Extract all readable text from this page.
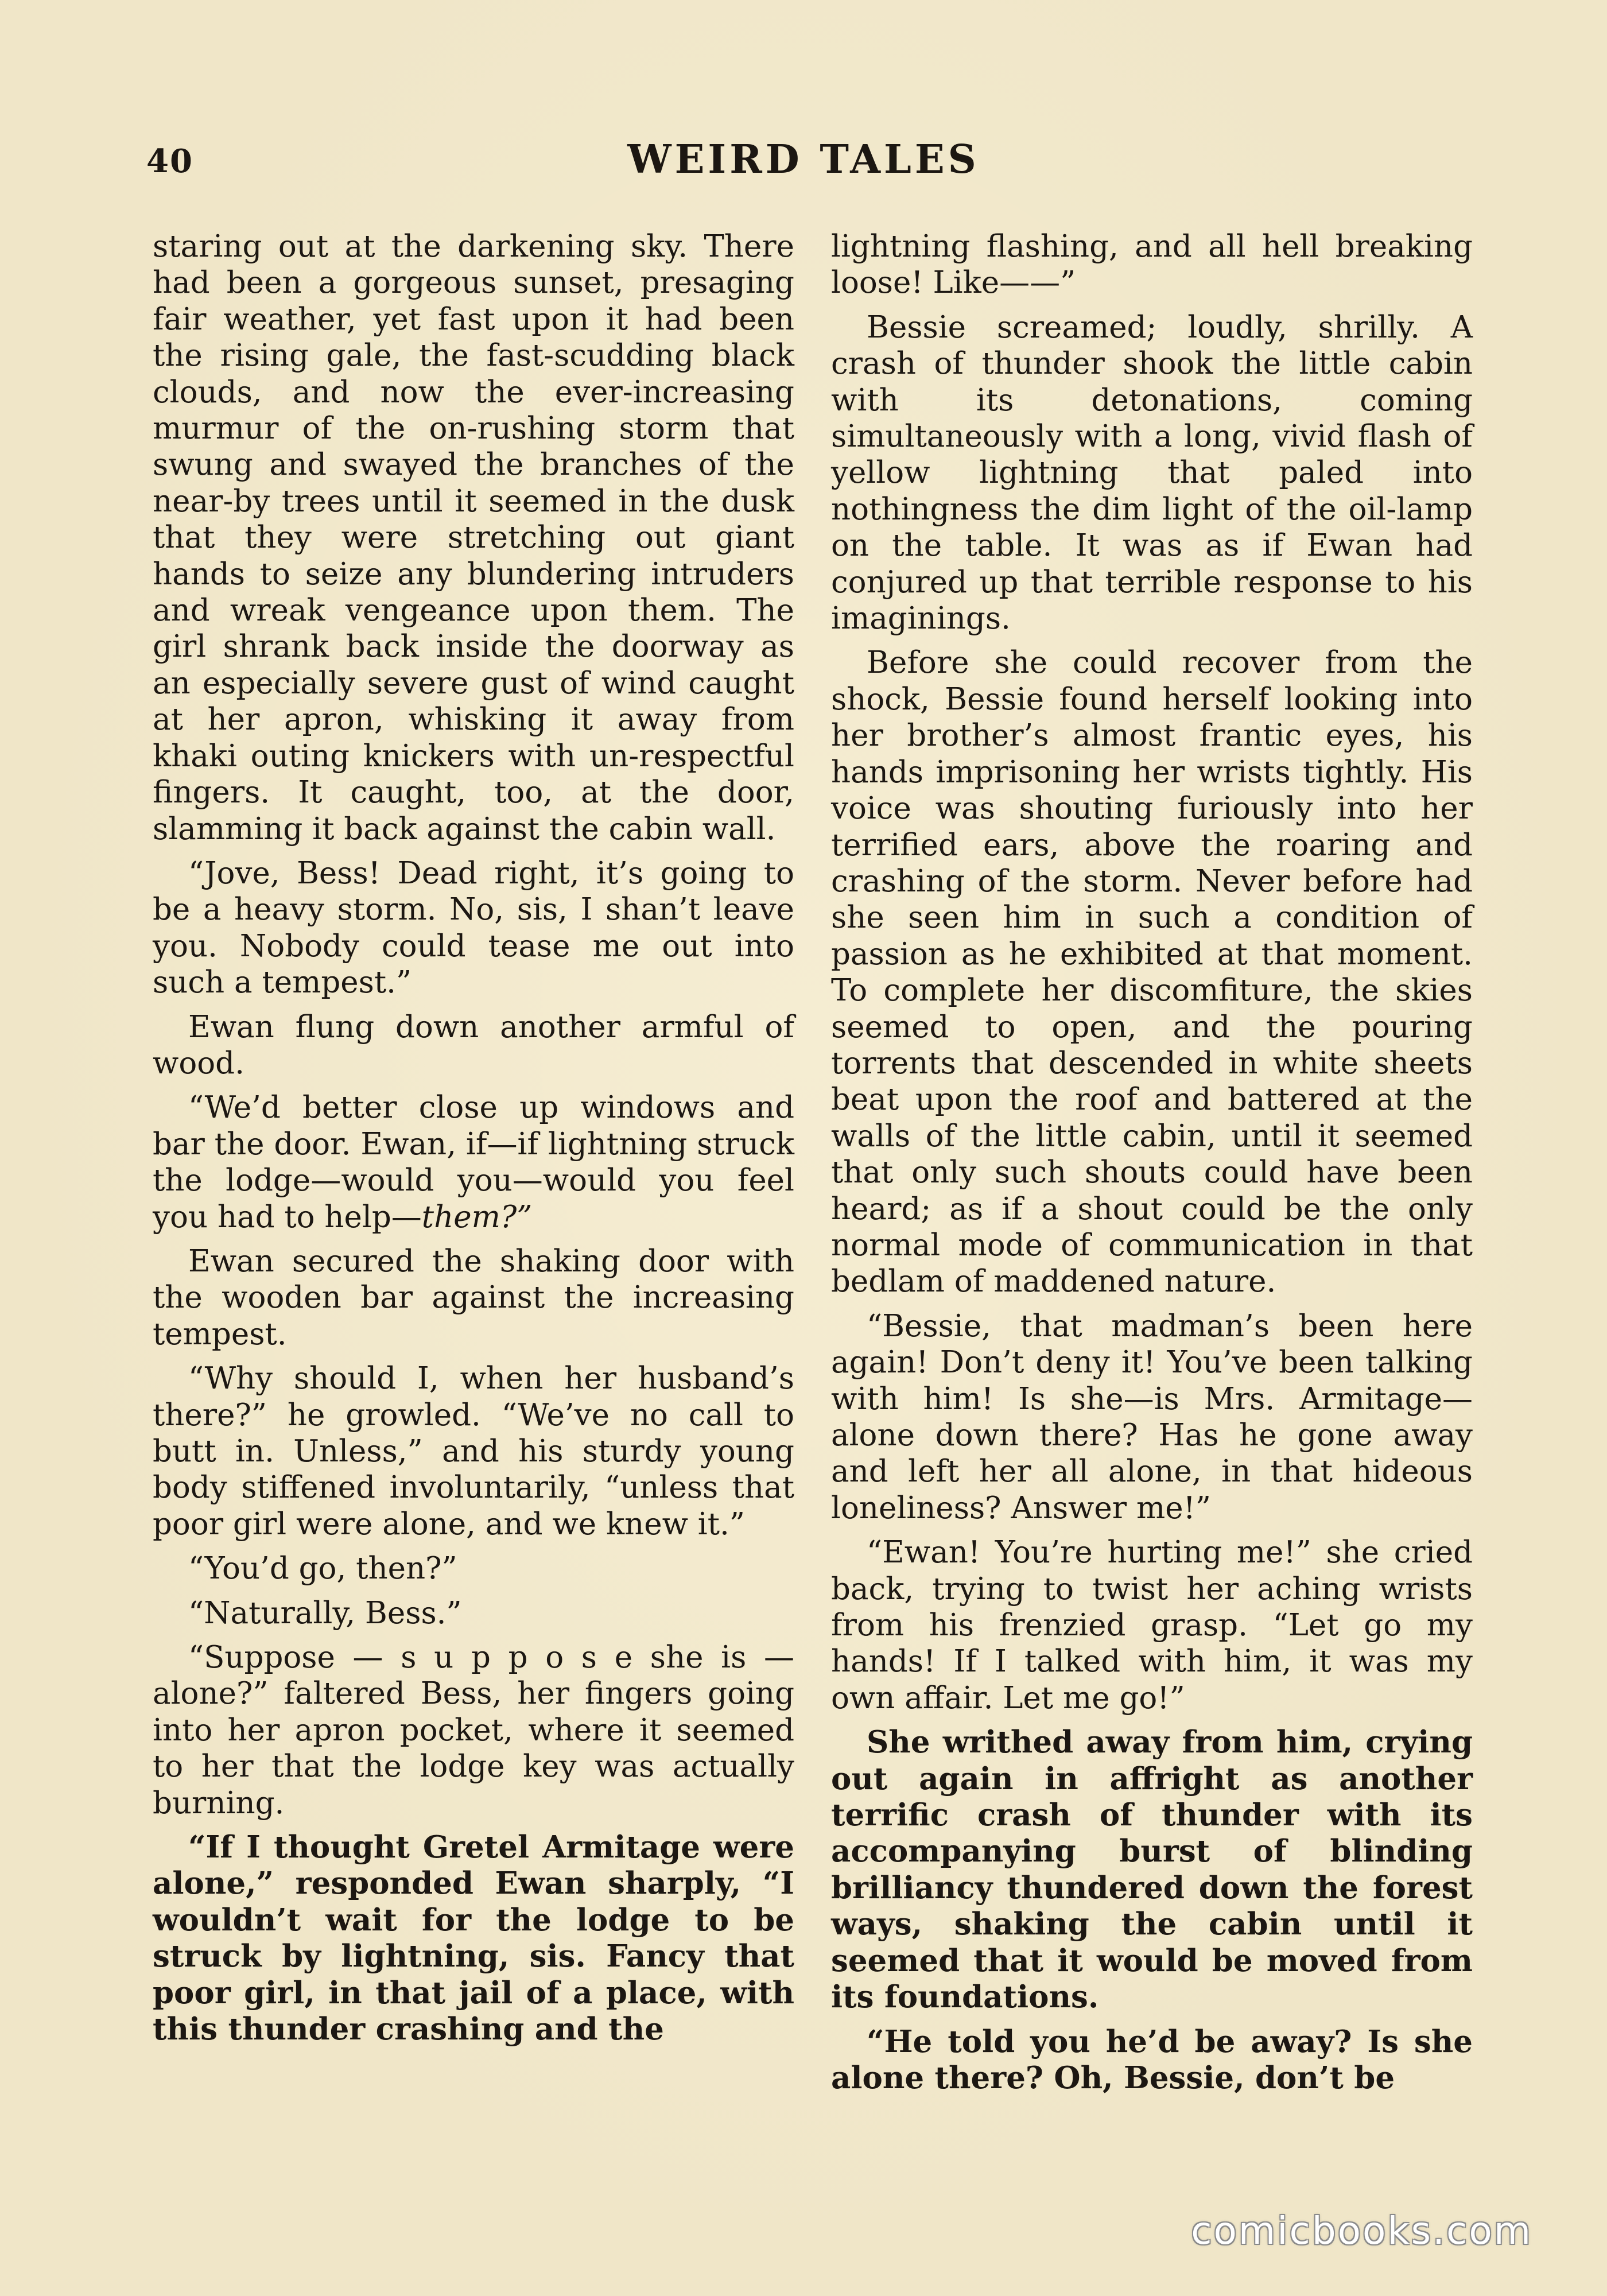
40	WEIRD TALES

staring out at the darkening sky. There had been a gorgeous sunset, presaging fair weather, yet fast upon it had been the rising gale, the fast-scudding black clouds, and now the ever-increasing murmur of the on-rushing storm that swung and swayed the branches of the near-by trees until it seemed in the dusk that they were stretching out giant hands to seize any blundering intruders and wreak vengeance upon them. The girl shrank back inside the doorway as an especially severe gust of wind caught at her apron, whisking it away from khaki outing knickers with un-respectful fingers. It caught, too, at the door, slamming it back against the cabin wall.

“Jove, Bess! Dead right, it’s going to be a heavy storm. No, sis, I shan’t leave you. Nobody could tease me out into such a tempest.”

Ewan flung down another armful of wood.

“We’d better close up windows and bar the door. Ewan, if—if lightning struck the lodge—would you—would you feel you had to help—them?”

Ewan secured the shaking door with the wooden bar against the increasing tempest.

“Why should I, when her husband’s there?” he growled. “We’ve no call to butt in. Unless,” and his sturdy young body stiffened involuntarily, “unless that poor girl were alone, and we knew it.”

“You’d go, then?”

“Naturally, Bess.”

“Suppose — s u p p o s e she is — alone?” faltered Bess, her fingers going into her apron pocket, where it seemed to her that the lodge key was actually burning.

“If I thought Gretel Armitage were alone,” responded Ewan sharply, “I wouldn’t wait for the lodge to be struck by lightning, sis. Fancy that poor girl, in that jail of a place, with this thunder crashing and the

lightning flashing, and all hell breaking loose! Like——”

Bessie screamed; loudly, shrilly. A crash of thunder shook the little cabin with its detonations, coming simultaneously with a long, vivid flash of yellow lightning that paled into nothingness the dim light of the oil-lamp on the table. It was as if Ewan had conjured up that terrible response to his imaginings.

Before she could recover from the shock, Bessie found herself looking into her brother’s almost frantic eyes, his hands imprisoning her wrists tightly. His voice was shouting furiously into her terrified ears, above the roaring and crashing of the storm. Never before had she seen him in such a condition of passion as he exhibited at that moment. To complete her discomfiture, the skies seemed to open, and the pouring torrents that descended in white sheets beat upon the roof and battered at the walls of the little cabin, until it seemed that only such shouts could have been heard; as if a shout could be the only normal mode of communication in that bedlam of maddened nature.

“Bessie, that madman’s been here again! Don’t deny it! You’ve been talking with him! Is she—is Mrs. Armitage—alone down there? Has he gone away and left her all alone, in that hideous loneliness? Answer me!”

“Ewan! You’re hurting me!” she cried back, trying to twist her aching wrists from his frenzied grasp. “Let go my hands! If I talked with him, it was my own affair. Let me go!”

She writhed away from him, crying out again in affright as another terrific crash of thunder with its accompanying burst of blinding brilliancy thundered down the forest ways, shaking the cabin until it seemed that it would be moved from its foundations.

“He told you he’d be away? Is she alone there? Oh, Bessie, don’t be

comicbooks.com
